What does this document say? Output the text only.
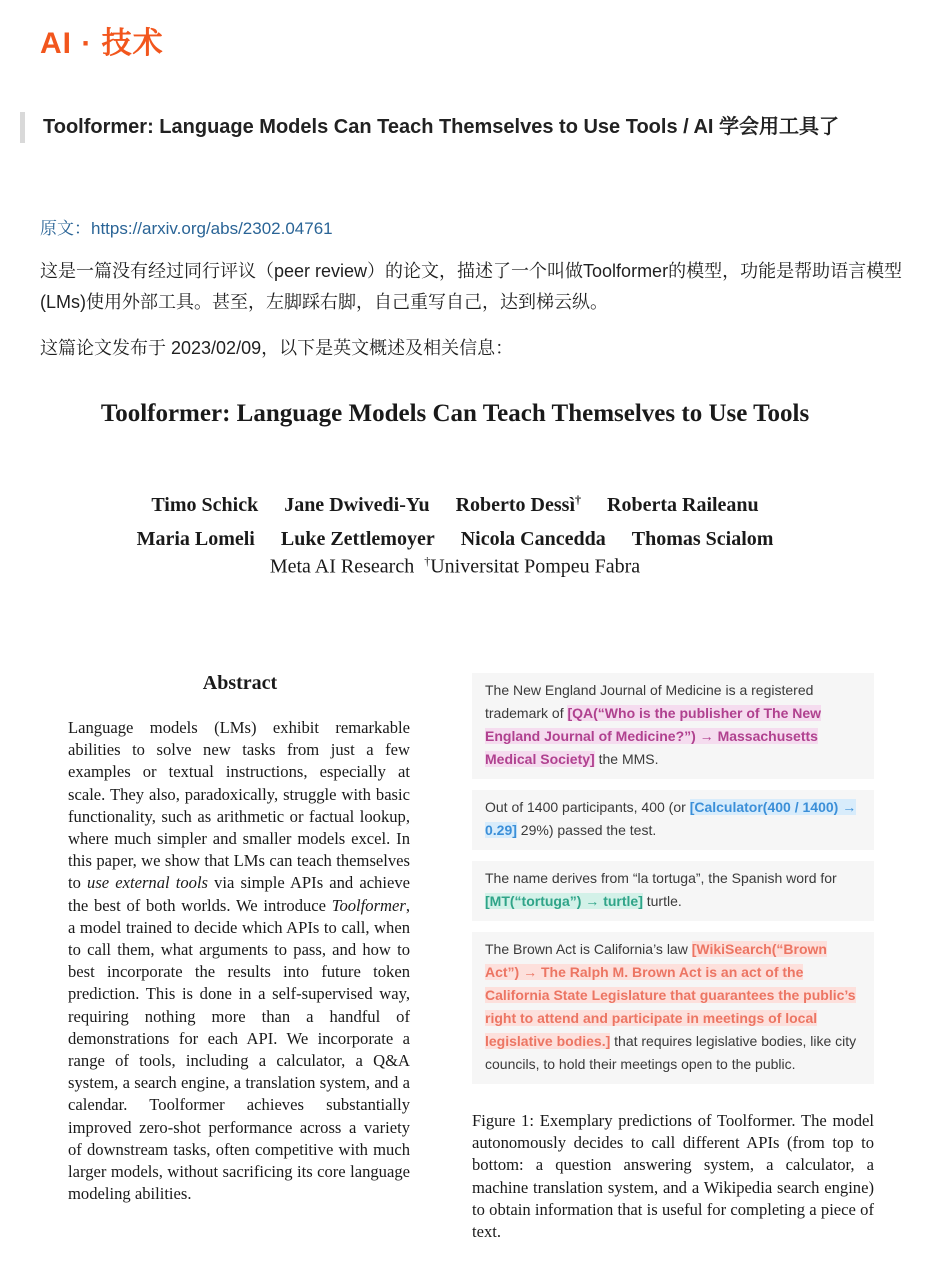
AI · 技术
Toolformer: Language Models Can Teach Themselves to Use Tools / AI 学会用工具了
原文：https://arxiv.org/abs/2302.04761
这是一篇没有经过同行评议（peer review）的论文，描述了一个叫做Toolformer的模型，功能是帮助语言模型(LMs)使用外部工具。甚至，左脚踩右脚，自己重写自己，达到梯云纵。
这篇论文发布于 2023/02/09，以下是英文概述及相关信息：
Toolformer: Language Models Can Teach Themselves to Use Tools
Timo Schick Jane Dwivedi-Yu Roberto Dessì† Roberta Raileanu
Maria Lomeli Luke Zettlemoyer Nicola Cancedda Thomas Scialom
Meta AI Research †Universitat Pompeu Fabra
Abstract
Language models (LMs) exhibit remarkable abilities to solve new tasks from just a few examples or textual instructions, especially at scale. They also, paradoxically, struggle with basic functionality, such as arithmetic or factual lookup, where much simpler and smaller models excel. In this paper, we show that LMs can teach themselves to use external tools via simple APIs and achieve the best of both worlds. We introduce Toolformer, a model trained to decide which APIs to call, when to call them, what arguments to pass, and how to best incorporate the results into future token prediction. This is done in a self-supervised way, requiring nothing more than a handful of demonstrations for each API. We incorporate a range of tools, including a calculator, a Q&A system, a search engine, a translation system, and a calendar. Toolformer achieves substantially improved zero-shot performance across a variety of downstream tasks, often competitive with much larger models, without sacrificing its core language modeling abilities.
The New England Journal of Medicine is a registered trademark of [QA(“Who is the publisher of The New England Journal of Medicine?”) → Massachusetts Medical Society] the MMS.
Out of 1400 participants, 400 (or [Calculator(400 / 1400) → 0.29] 29%) passed the test.
The name derives from “la tortuga”, the Spanish word for [MT(“tortuga”) → turtle] turtle.
The Brown Act is California’s law [WikiSearch(“Brown Act”) → The Ralph M. Brown Act is an act of the California State Legislature that guarantees the public’s right to attend and participate in meetings of local legislative bodies.] that requires legislative bodies, like city councils, to hold their meetings open to the public.
Figure 1: Exemplary predictions of Toolformer. The model autonomously decides to call different APIs (from top to bottom: a question answering system, a calculator, a machine translation system, and a Wikipedia search engine) to obtain information that is useful for completing a piece of text.
